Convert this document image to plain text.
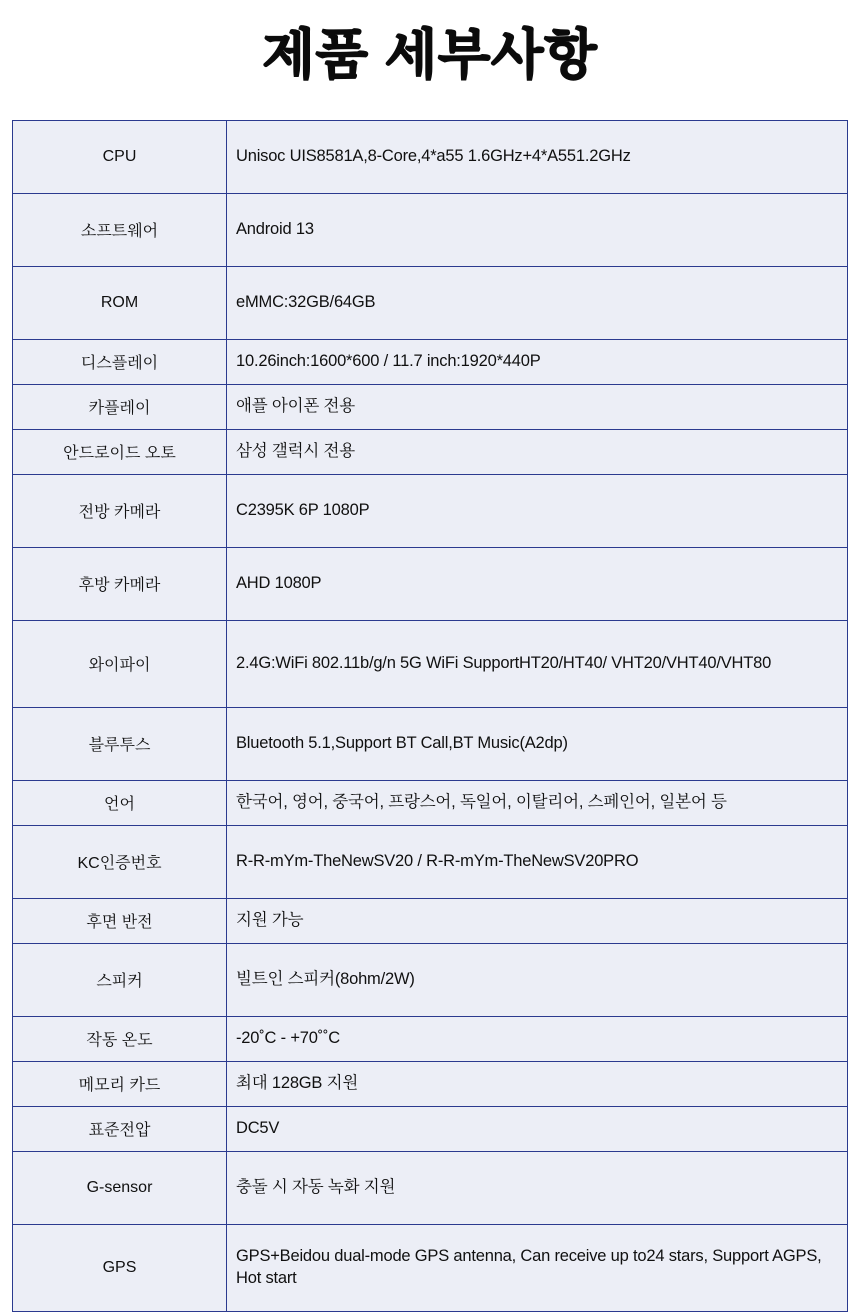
제품 세부사항
CPU	Unisoc UIS8581A,8-Core,4*a55 1.6GHz+4*A551.2GHz
소프트웨어	Android 13
ROM	eMMC:32GB/64GB
디스플레이	10.26inch:1600*600 / 11.7 inch:1920*440P
카플레이	애플 아이폰 전용
안드로이드 오토	삼성 갤럭시 전용
전방 카메라	C2395K 6P 1080P
후방 카메라	AHD 1080P
와이파이	2.4G:WiFi 802.11b/g/n 5G WiFi SupportHT20/HT40/ VHT20/VHT40/VHT80
블루투스	Bluetooth 5.1,Support BT Call,BT Music(A2dp)
언어	한국어, 영어, 중국어, 프랑스어, 독일어, 이탈리어, 스페인어, 일본어 등
KC인증번호	R-R-mYm-TheNewSV20 / R-R-mYm-TheNewSV20PRO
후면 반전	지원 가능
스피커	빌트인 스피커(8ohm/2W)
작동 온도	-20˚C - +70˚˚C
메모리 카드	최대 128GB 지원
표준전압	DC5V
G-sensor	충돌 시 자동 녹화 지원
GPS	GPS+Beidou dual-mode GPS antenna, Can receive up to24 stars, Support AGPS, Hot start
